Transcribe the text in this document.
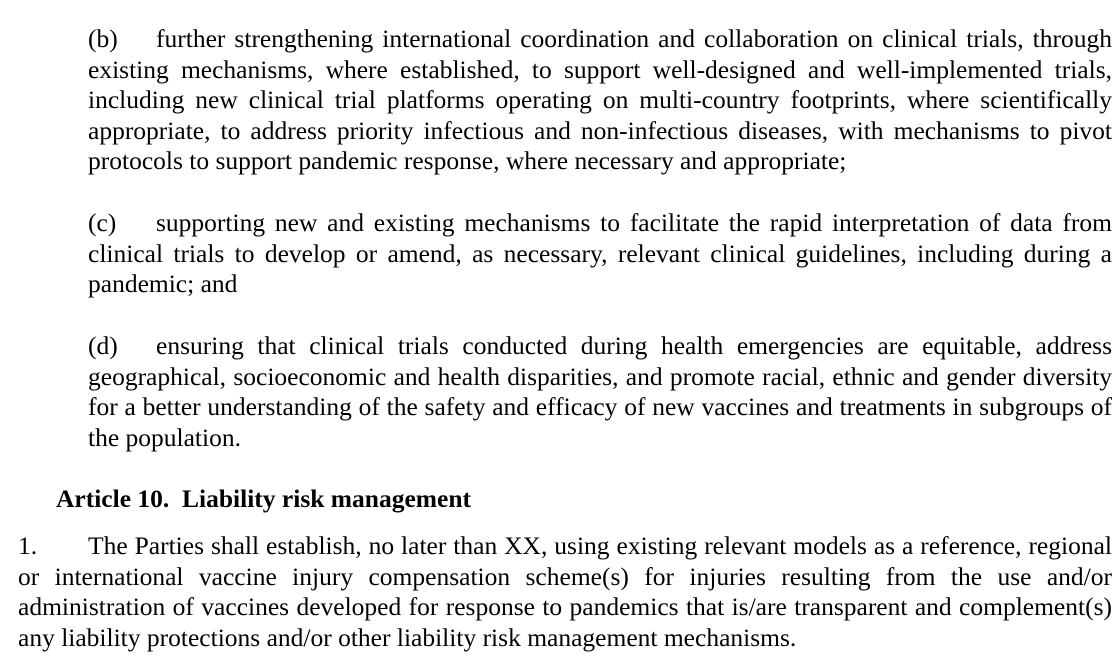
(b) further strengthening international coordination and collaboration on clinical trials, through existing mechanisms, where established, to support well-designed and well-implemented trials, including new clinical trial platforms operating on multi-country footprints, where scientifically appropriate, to address priority infectious and non-infectious diseases, with mechanisms to pivot protocols to support pandemic response, where necessary and appropriate;

(c) supporting new and existing mechanisms to facilitate the rapid interpretation of data from clinical trials to develop or amend, as necessary, relevant clinical guidelines, including during a pandemic; and

(d) ensuring that clinical trials conducted during health emergencies are equitable, address geographical, socioeconomic and health disparities, and promote racial, ethnic and gender diversity for a better understanding of the safety and efficacy of new vaccines and treatments in subgroups of the population.

Article 10.  Liability risk management

1. The Parties shall establish, no later than XX, using existing relevant models as a reference, regional or international vaccine injury compensation scheme(s) for injuries resulting from the use and/or administration of vaccines developed for response to pandemics that is/are transparent and complement(s) any liability protections and/or other liability risk management mechanisms.
